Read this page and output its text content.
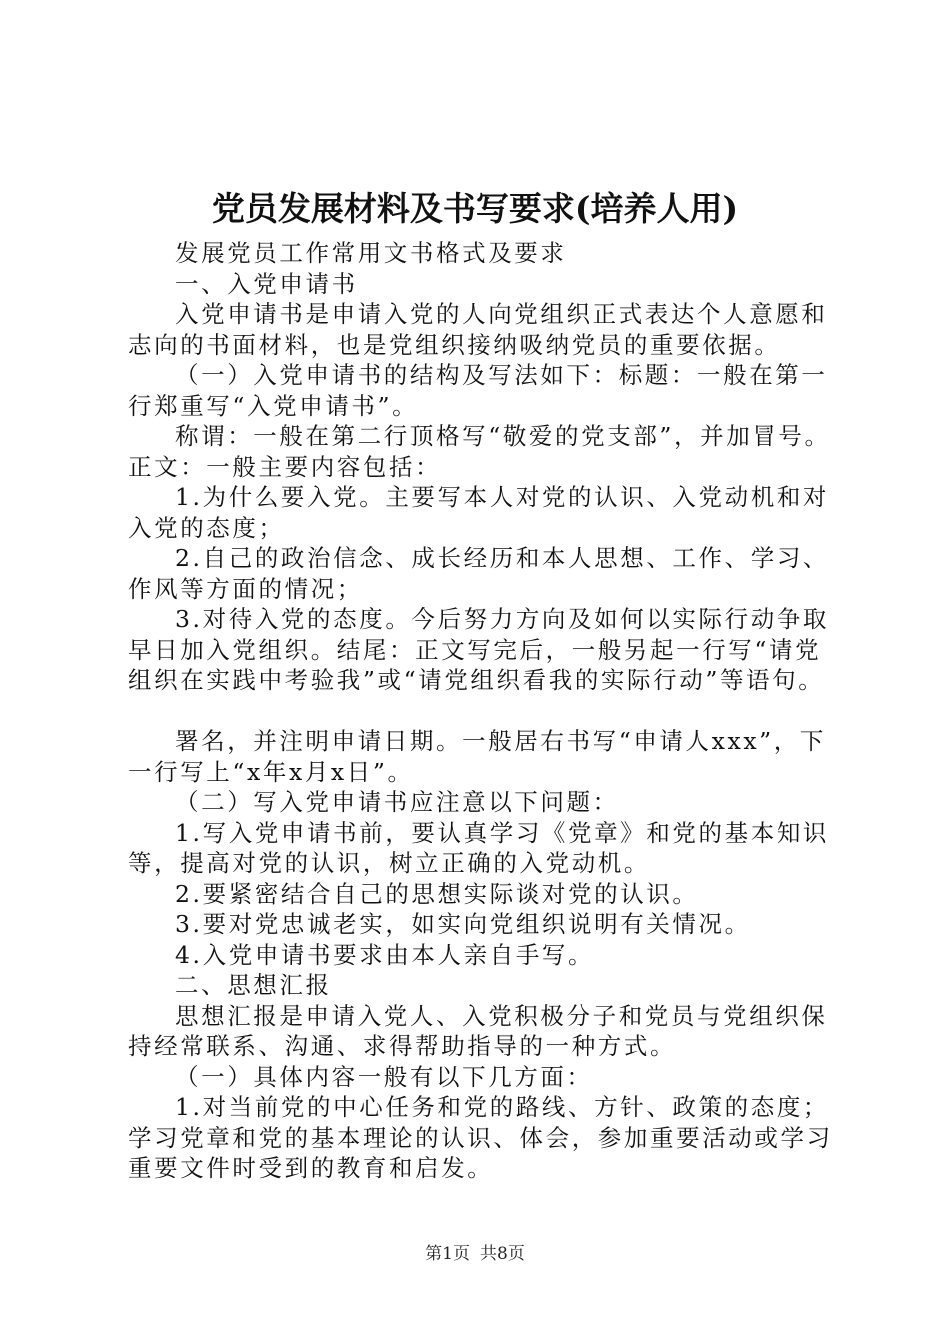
党员发展材料及书写要求(培养人用)

发展党员工作常用文书格式及要求

一、入党申请书

入党申请书是申请入党的人向党组织正式表达个人意愿和志向的书面材料，也是党组织接纳吸纳党员的重要依据。

（一）入党申请书的结构及写法如下：标题：一般在第一行郑重写“入党申请书”。

称谓：一般在第二行顶格写“敬爱的党支部”，并加冒号。正文：一般主要内容包括：

1.为什么要入党。主要写本人对党的认识、入党动机和对入党的态度；

2.自己的政治信念、成长经历和本人思想、工作、学习、作风等方面的情况；

3.对待入党的态度。今后努力方向及如何以实际行动争取早日加入党组织。结尾：正文写完后，一般另起一行写“请党组织在实践中考验我”或“请党组织看我的实际行动”等语句。

署名，并注明申请日期。一般居右书写“申请人xxx”，下一行写上“x年x月x日”。

（二）写入党申请书应注意以下问题：

1.写入党申请书前，要认真学习《党章》和党的基本知识等，提高对党的认识，树立正确的入党动机。

2.要紧密结合自己的思想实际谈对党的认识。

3.要对党忠诚老实，如实向党组织说明有关情况。

4.入党申请书要求由本人亲自手写。

二、思想汇报

思想汇报是申请入党人、入党积极分子和党员与党组织保持经常联系、沟通、求得帮助指导的一种方式。

（一）具体内容一般有以下几方面：

1.对当前党的中心任务和党的路线、方针、政策的态度；学习党章和党的基本理论的认识、体会，参加重要活动或学习重要文件时受到的教育和启发。

第1页 共8页
